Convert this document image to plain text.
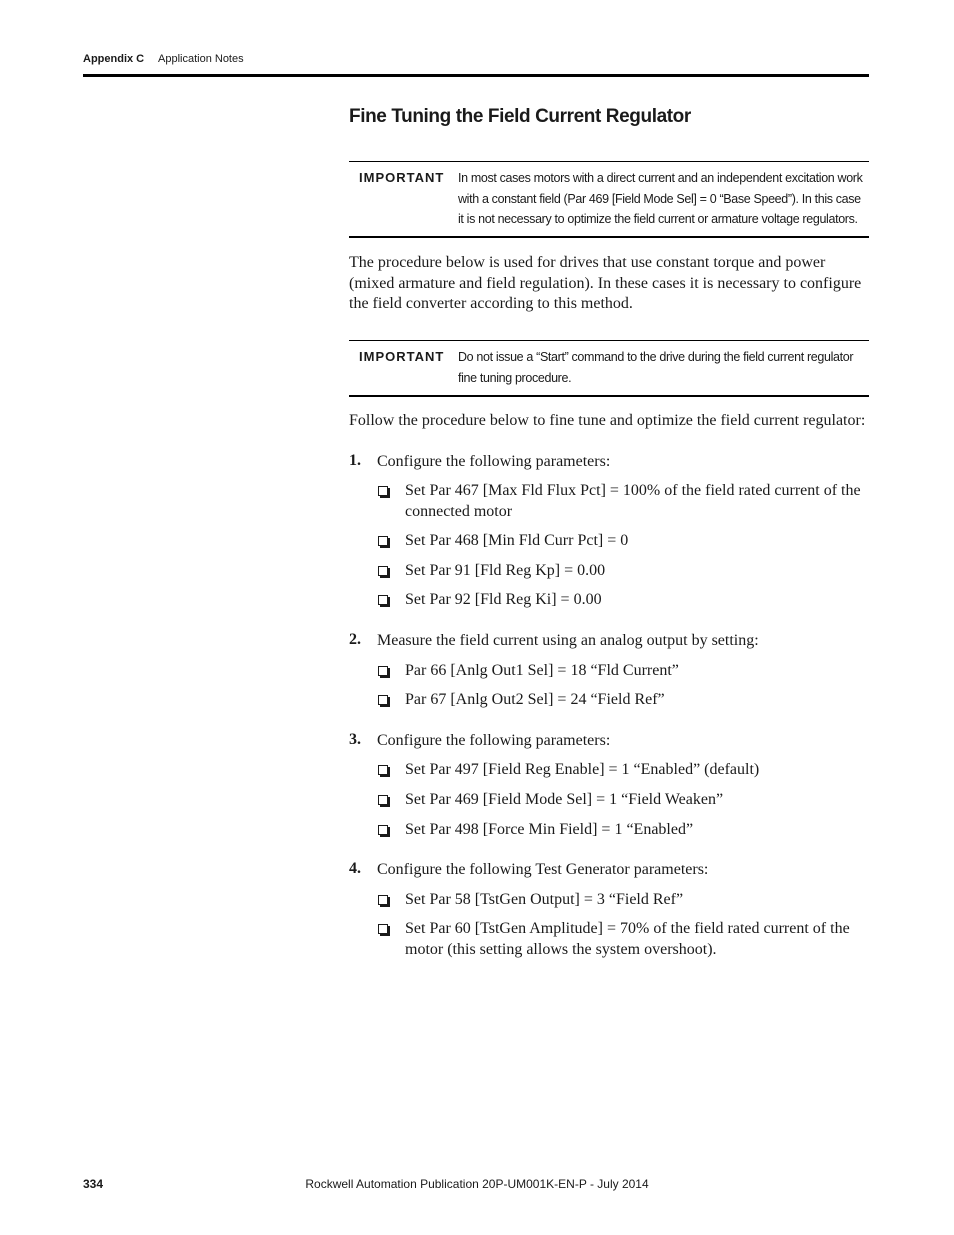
Appendix C Application Notes
Fine Tuning the Field Current Regulator
IMPORTANT In most cases motors with a direct current and an independent excitation work with a constant field (Par 469 [Field Mode Sel] = 0 “Base Speed”). In this case it is not necessary to optimize the field current or armature voltage regulators.
The procedure below is used for drives that use constant torque and power (mixed armature and field regulation). In these cases it is necessary to configure the field converter according to this method.
IMPORTANT Do not issue a “Start” command to the drive during the field current regulator fine tuning procedure.
Follow the procedure below to fine tune and optimize the field current regulator:
1. Configure the following parameters:
Set Par 467 [Max Fld Flux Pct] = 100% of the field rated current of the connected motor
Set Par 468 [Min Fld Curr Pct] = 0
Set Par 91 [Fld Reg Kp] = 0.00
Set Par 92 [Fld Reg Ki] = 0.00
2. Measure the field current using an analog output by setting:
Par 66 [Anlg Out1 Sel] = 18 “Fld Current”
Par 67 [Anlg Out2 Sel] = 24 “Field Ref”
3. Configure the following parameters:
Set Par 497 [Field Reg Enable] = 1 “Enabled” (default)
Set Par 469 [Field Mode Sel] = 1 “Field Weaken”
Set Par 498 [Force Min Field] = 1 “Enabled”
4. Configure the following Test Generator parameters:
Set Par 58 [TstGen Output] = 3 “Field Ref”
Set Par 60 [TstGen Amplitude] = 70% of the field rated current of the motor (this setting allows the system overshoot).
334	Rockwell Automation Publication 20P-UM001K-EN-P - July 2014
